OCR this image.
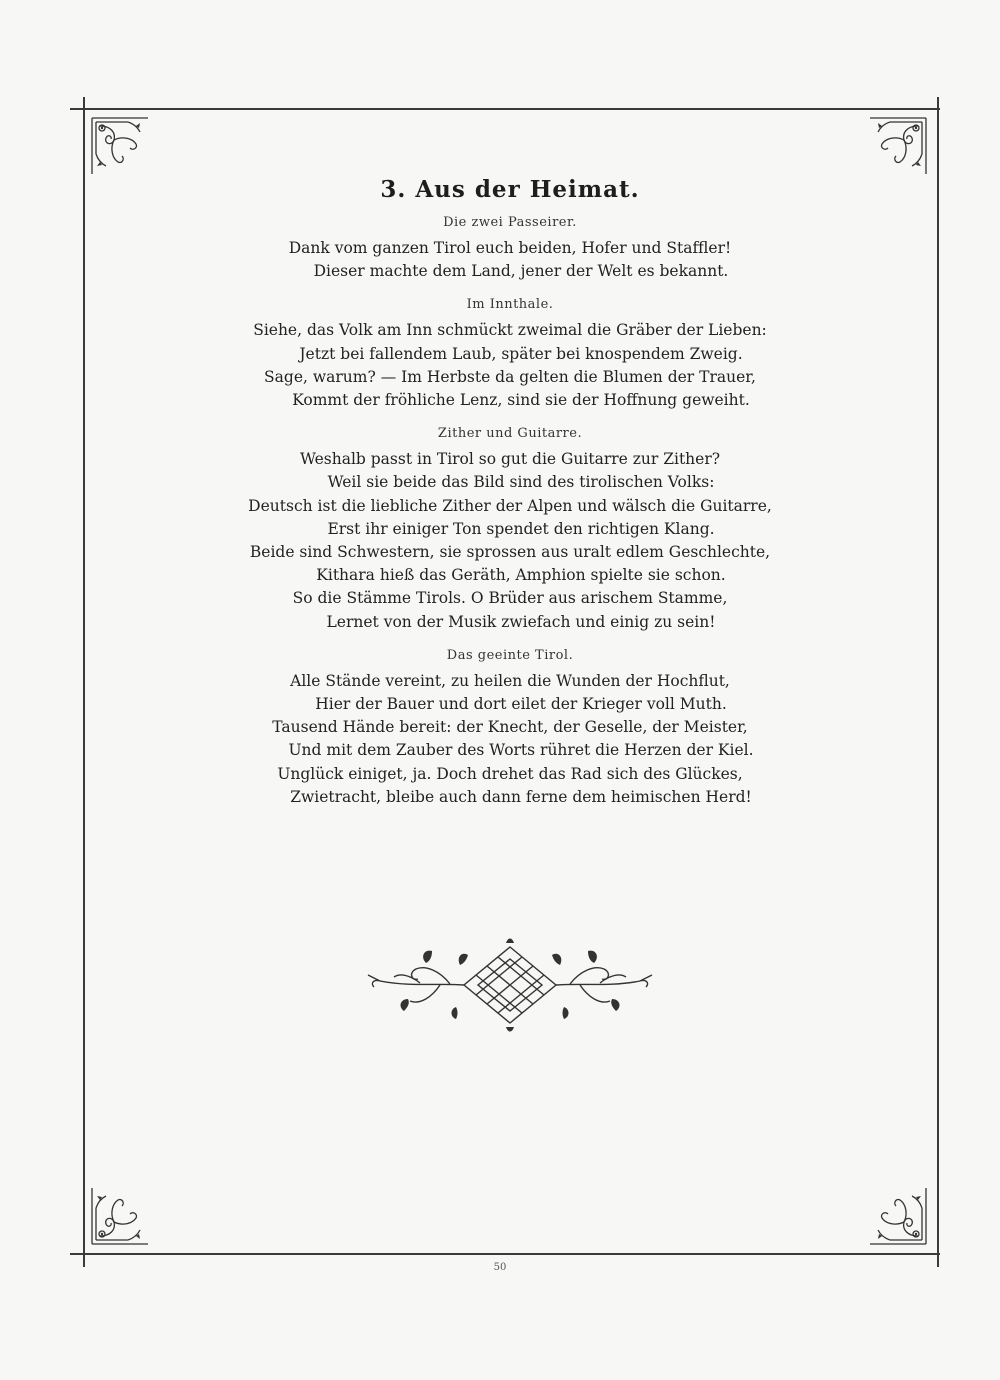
3. Aus der Heimat.
Die zwei Passeirer.
Dank vom ganzen Tirol euch beiden, Hofer und Staffler!
Dieser machte dem Land, jener der Welt es bekannt.
Im Innthale.
Siehe, das Volk am Inn schmückt zweimal die Gräber der Lieben:
Jetzt bei fallendem Laub, später bei knospendem Zweig.
Sage, warum? — Im Herbste da gelten die Blumen der Trauer,
Kommt der fröhliche Lenz, sind sie der Hoffnung geweiht.
Zither und Guitarre.
Weshalb passt in Tirol so gut die Guitarre zur Zither?
Weil sie beide das Bild sind des tirolischen Volks:
Deutsch ist die liebliche Zither der Alpen und wälsch die Guitarre,
Erst ihr einiger Ton spendet den richtigen Klang.
Beide sind Schwestern, sie sprossen aus uralt edlem Geschlechte,
Kithara hieß das Geräth, Amphion spielte sie schon.
So die Stämme Tirols. O Brüder aus arischem Stamme,
Lernet von der Musik zwiefach und einig zu sein!
Das geeinte Tirol.
Alle Stände vereint, zu heilen die Wunden der Hochflut,
Hier der Bauer und dort eilet der Krieger voll Muth.
Tausend Hände bereit: der Knecht, der Geselle, der Meister,
Und mit dem Zauber des Worts rühret die Herzen der Kiel.
Unglück einiget, ja. Doch drehet das Rad sich des Glückes,
Zwietracht, bleibe auch dann ferne dem heimischen Herd!
50
